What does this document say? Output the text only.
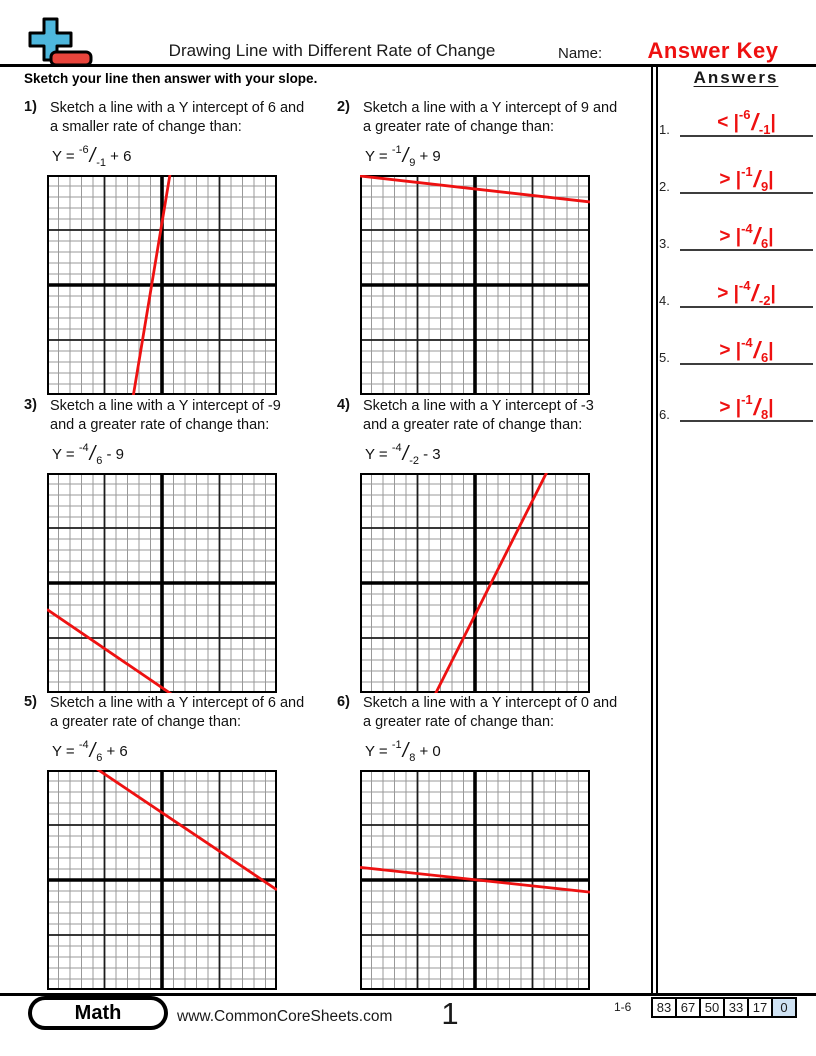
Drawing Line with Different Rate of Change	Name:	Answer Key
Sketch your line then answer with your slope.	Answers
1.	< $|^{-6}/_{-1}|$
2.	> $|^{-1}/_9|$
3.	> $|^{-4}/_6|$
4.	> $|^{-4}/_{-2}|$
5.	> $|^{-4}/_6|$
6.	> $|^{-1}/_8|$
1) Sketch a line with a Y intercept of 6 and
a smaller rate of change than:
$Y = ^{-6}/_{-1} + 6$
2) Sketch a line with a Y intercept of 9 and
a greater rate of change than:
$Y = ^{-1}/_9 + 9$
3) Sketch a line with a Y intercept of -9
and a greater rate of change than:
$Y = ^{-4}/_6 - 9$
4) Sketch a line with a Y intercept of -3
and a greater rate of change than:
$Y = ^{-4}/_{-2} - 3$
5) Sketch a line with a Y intercept of 6 and
a greater rate of change than:
$Y = ^{-4}/_6 + 6$
6) Sketch a line with a Y intercept of 0 and
a greater rate of change than:
$Y = ^{-1}/_8 + 0$
Math	www.CommonCoreSheets.com	1	1-6	83 67 50 33 17	0
